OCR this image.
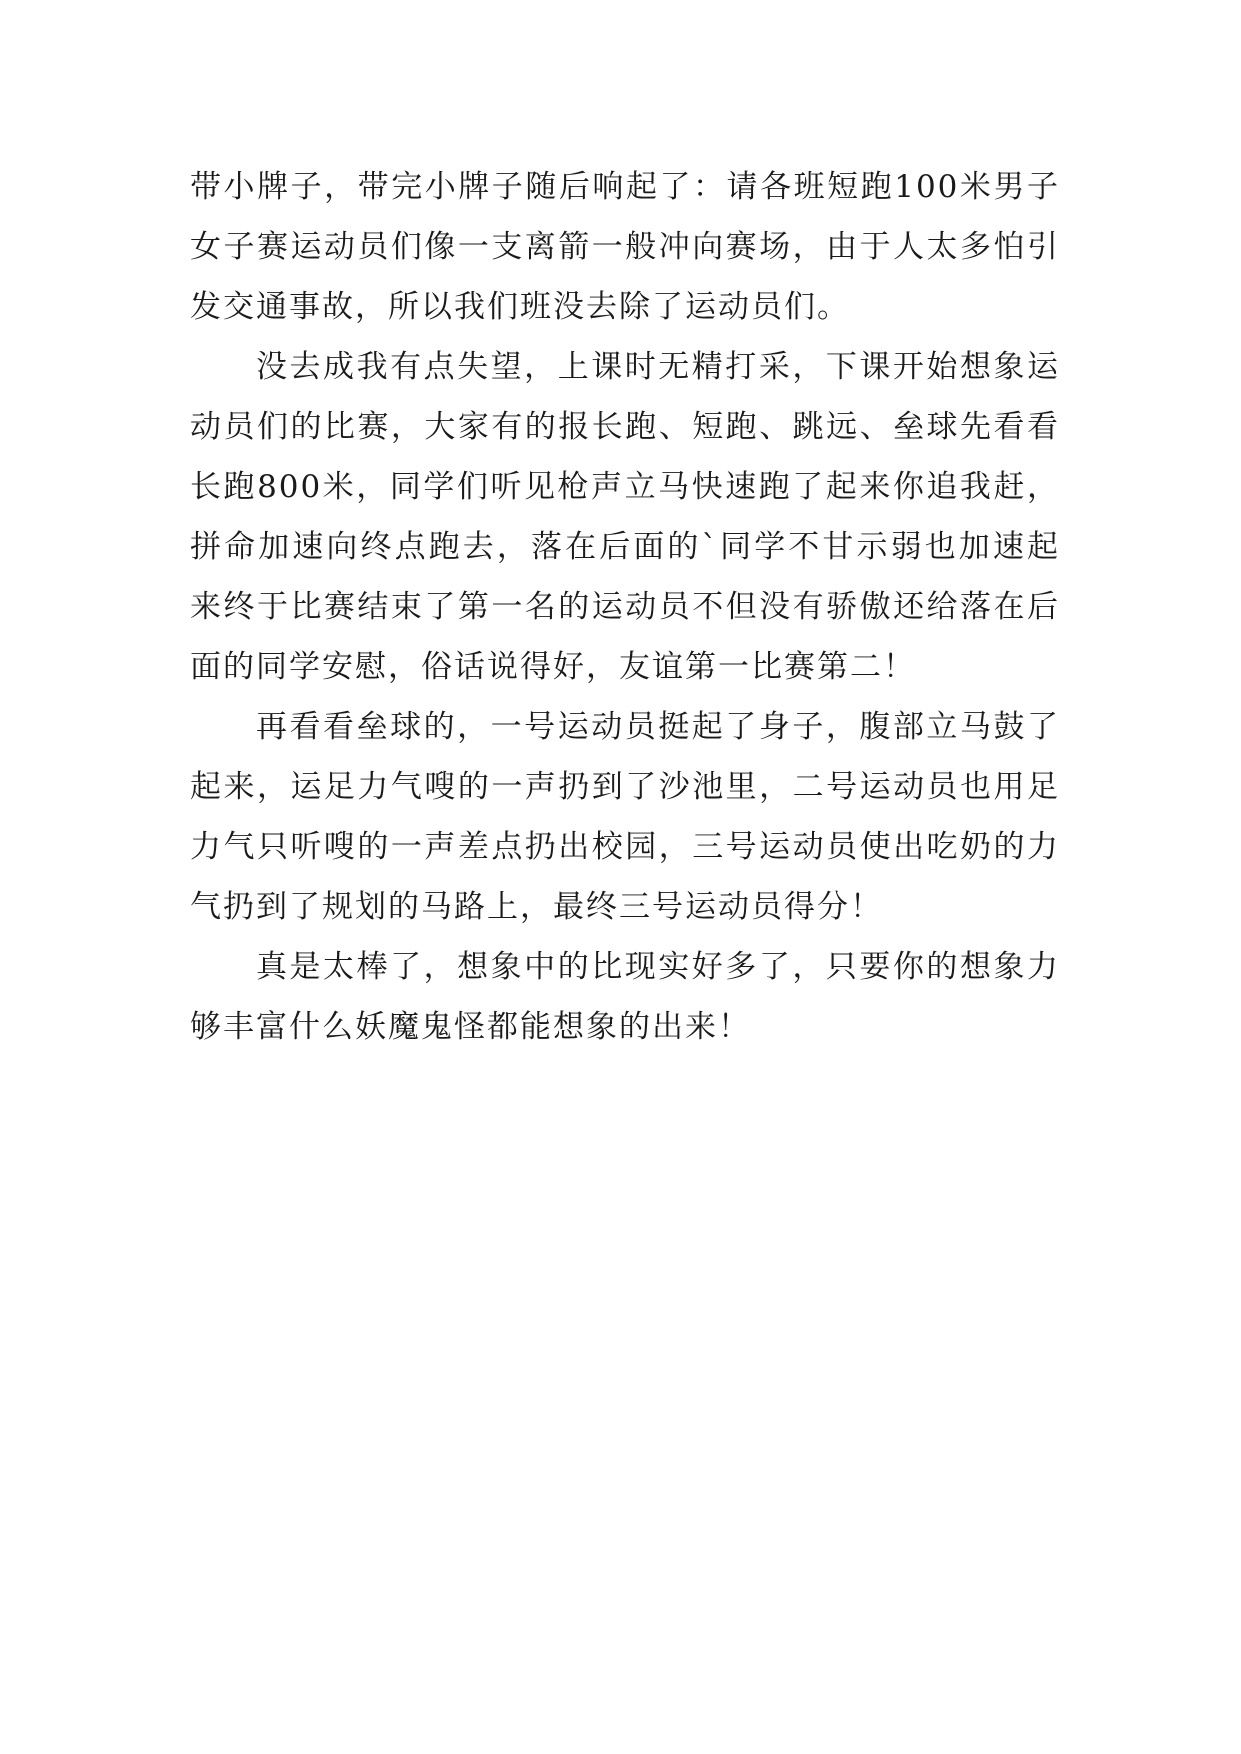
带小牌子，带完小牌子随后响起了：请各班短跑100米男子女子赛运动员们像一支离箭一般冲向赛场，由于人太多怕引发交通事故，所以我们班没去除了运动员们。

没去成我有点失望，上课时无精打采，下课开始想象运动员们的比赛，大家有的报长跑、短跑、跳远、垒球先看看长跑800米，同学们听见枪声立马快速跑了起来你追我赶，拼命加速向终点跑去，落在后面的`同学不甘示弱也加速起来终于比赛结束了第一名的运动员不但没有骄傲还给落在后面的同学安慰，俗话说得好，友谊第一比赛第二！

再看看垒球的，一号运动员挺起了身子，腹部立马鼓了起来，运足力气嗖的一声扔到了沙池里，二号运动员也用足力气只听嗖的一声差点扔出校园，三号运动员使出吃奶的力气扔到了规划的马路上，最终三号运动员得分！

真是太棒了，想象中的比现实好多了，只要你的想象力够丰富什么妖魔鬼怪都能想象的出来！
